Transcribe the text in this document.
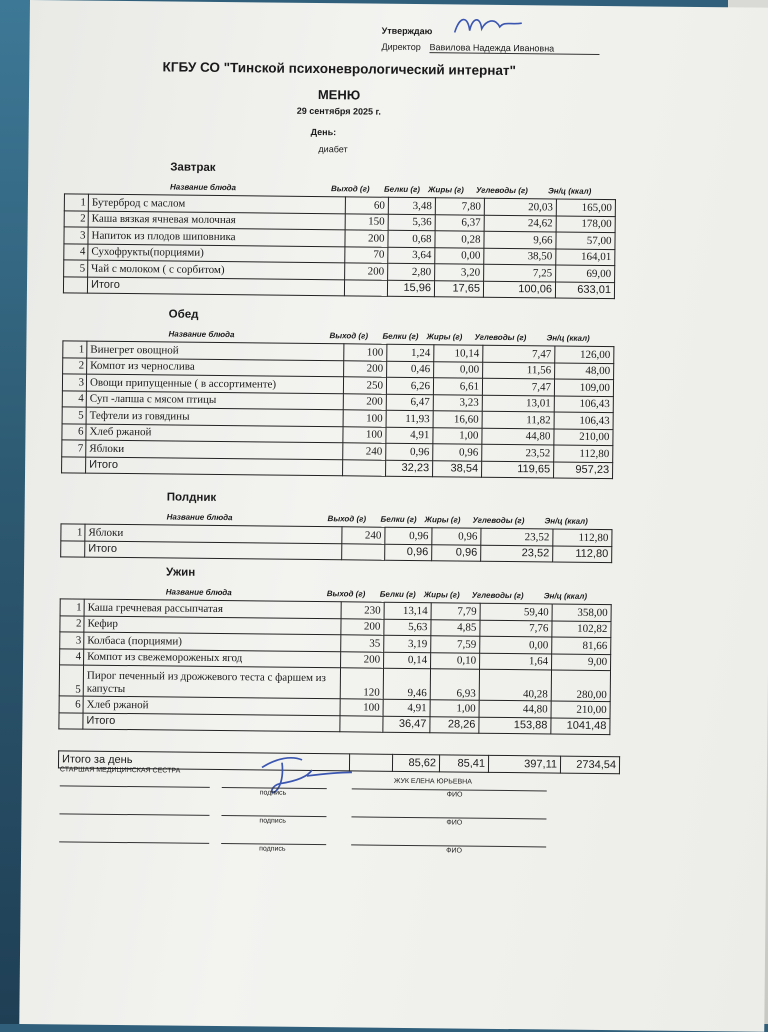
Утверждаю
Директор Вавилова Надежда Ивановна
КГБУ СО "Тинской психоневрологический интернат"
МЕНЮ
29 сентября 2025 г.
День:
диабет
Завтрак
Название блюда	Выход (г) Белки (г) Жиры (г) Углеводы (г)	Эн/ц (ккал)
1	Бутерброд с маслом	60	3,48	7,80	20,03	165,00
2	Каша вязкая ячневая молочная	150	5,36	6,37	24,62	178,00
3	Напиток из плодов шиповника	200	0,68	0,28	9,66	57,00
4	Сухофрукты(порциями)	70	3,64	0,00	38,50	164,01
5	Чай с молоком ( с сорбитом)	200	2,80	3,20	7,25	69,00
	Итого		15,96	17,65	100,06	633,01
Обед
Название блюда	Выход (г) Белки (г) Жиры (г) Углеводы (г)	Эн/ц (ккал)
1	Винегрет овощной	100	1,24	10,14	7,47	126,00
2	Компот из чернослива	200	0,46	0,00	11,56	48,00
3	Овощи припущенные ( в ассортименте)	250	6,26	6,61	7,47	109,00
4	Суп -лапша с мясом птицы	200	6,47	3,23	13,01	106,43
5	Тефтели из говядины	100	11,93	16,60	11,82	106,43
6	Хлеб ржаной	100	4,91	1,00	44,80	210,00
7	Яблоки	240	0,96	0,96	23,52	112,80
	Итого		32,23	38,54	119,65	957,23
Полдник
Название блюда	Выход (г) Белки (г) Жиры (г) Углеводы (г)	Эн/ц (ккал)
1	Яблоки	240	0,96	0,96	23,52	112,80
	Итого		0,96	0,96	23,52	112,80
Ужин
Название блюда	Выход (г) Белки (г) Жиры (г) Углеводы (г)	Эн/ц (ккал)
1	Каша гречневая рассыпчатая	230	13,14	7,79	59,40	358,00
2	Кефир	200	5,63	4,85	7,76	102,82
3	Колбаса (порциями)	35	3,19	7,59	0,00	81,66
4	Компот из свежемороженых ягод	200	0,14	0,10	1,64	9,00
5	Пирог печенный из дрожжевого теста с фаршем из капусты	120	9,46	6,93	40,28	280,00
6	Хлеб ржаной	100	4,91	1,00	44,80	210,00
	Итого		36,47	28,26	153,88	1041,48
Итого за день		85,62	85,41	397,11	2734,54
СТАРШАЯ МЕДИЦИНСКАЯ СЕСТРА
ЖУК ЕЛЕНА ЮРЬЕВНА
подпись	ФИО
подпись	ФИО
подпись	ФИО
